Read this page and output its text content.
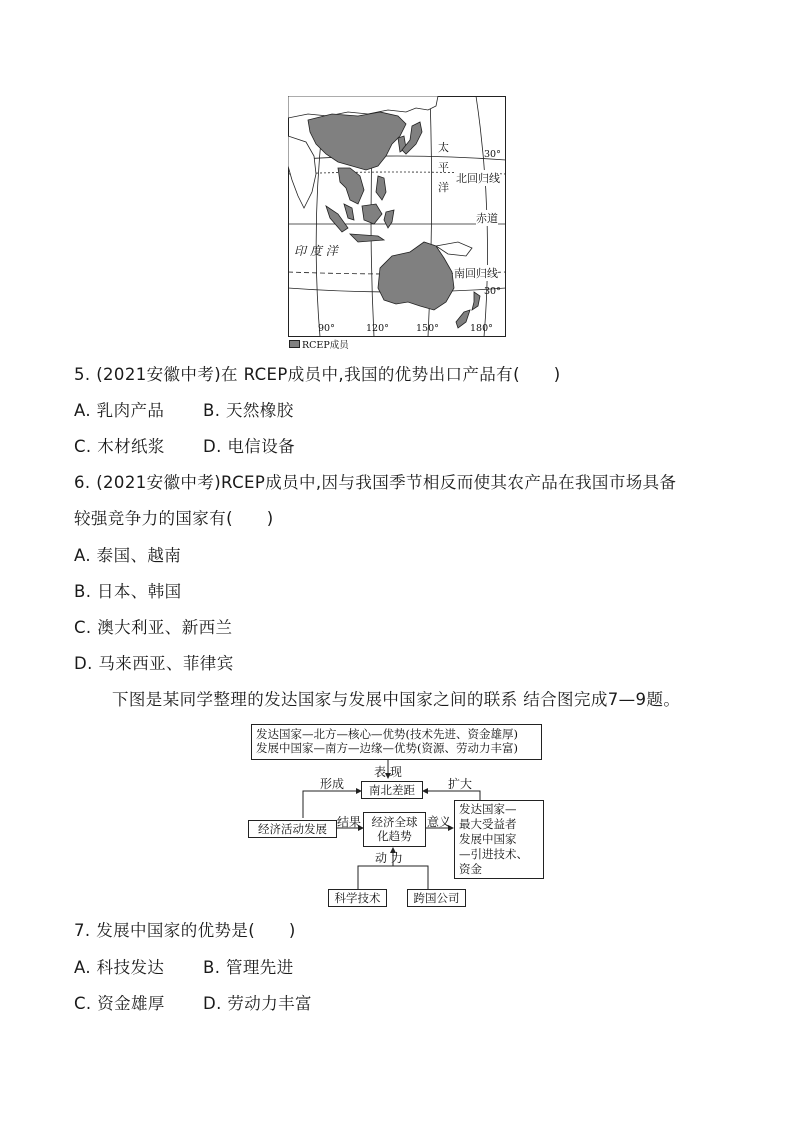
太
平
洋
30°
北回归线
赤道
印 度 洋
南回归线
30°
90°	120°	150°	180°
RCEP成员
5. (2021安徽中考)在 RCEP成员中,我国的优势出口产品有(　　)
A. 乳肉产品 B. 天然橡胶
C. 木材纸浆 D. 电信设备
6. (2021安徽中考)RCEP成员中,因与我国季节相反而使其农产品在我国市场具备
较强竞争力的国家有(　　)
A. 泰国、越南
B. 日本、韩国
C. 澳大利亚、新西兰
D. 马来西亚、菲律宾
下图是某同学整理的发达国家与发展中国家之间的联系 结合图完成7—9题。
发达国家—北方—核心—优势(技术先进、资金雄厚)
发展中国家—南方—边缘—优势(资源、劳动力丰富)
表 现
形成	扩大
南北差距
经济活动发展 结果 经济全球
化趋势
意义
发达国家—
最大受益者
发展中国家
—引进技术、
资金
动 力
科学技术	跨国公司
7. 发展中国家的优势是(　　)
A. 科技发达 B. 管理先进
C. 资金雄厚 D. 劳动力丰富
